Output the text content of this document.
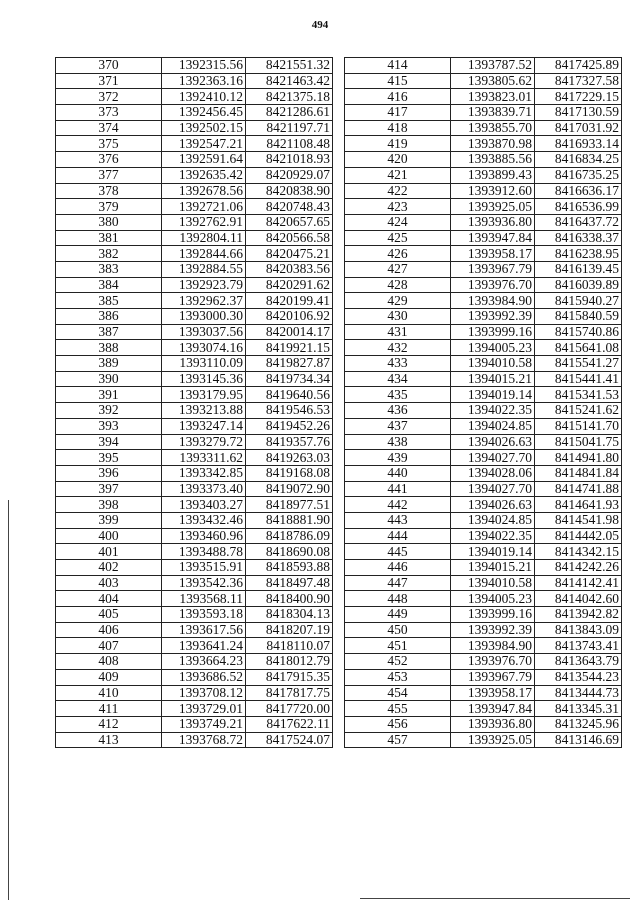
494
370	1392315.56	8421551.32
371	1392363.16	8421463.42
372	1392410.12	8421375.18
373	1392456.45	8421286.61
374	1392502.15	8421197.71
375	1392547.21	8421108.48
376	1392591.64	8421018.93
377	1392635.42	8420929.07
378	1392678.56	8420838.90
379	1392721.06	8420748.43
380	1392762.91	8420657.65
381	1392804.11	8420566.58
382	1392844.66	8420475.21
383	1392884.55	8420383.56
384	1392923.79	8420291.62
385	1392962.37	8420199.41
386	1393000.30	8420106.92
387	1393037.56	8420014.17
388	1393074.16	8419921.15
389	1393110.09	8419827.87
390	1393145.36	8419734.34
391	1393179.95	8419640.56
392	1393213.88	8419546.53
393	1393247.14	8419452.26
394	1393279.72	8419357.76
395	1393311.62	8419263.03
396	1393342.85	8419168.08
397	1393373.40	8419072.90
398	1393403.27	8418977.51
399	1393432.46	8418881.90
400	1393460.96	8418786.09
401	1393488.78	8418690.08
402	1393515.91	8418593.88
403	1393542.36	8418497.48
404	1393568.11	8418400.90
405	1393593.18	8418304.13
406	1393617.56	8418207.19
407	1393641.24	8418110.07
408	1393664.23	8418012.79
409	1393686.52	8417915.35
410	1393708.12	8417817.75
411	1393729.01	8417720.00
412	1393749.21	8417622.11
413	1393768.72	8417524.07
414	1393787.52	8417425.89
415	1393805.62	8417327.58
416	1393823.01	8417229.15
417	1393839.71	8417130.59
418	1393855.70	8417031.92
419	1393870.98	8416933.14
420	1393885.56	8416834.25
421	1393899.43	8416735.25
422	1393912.60	8416636.17
423	1393925.05	8416536.99
424	1393936.80	8416437.72
425	1393947.84	8416338.37
426	1393958.17	8416238.95
427	1393967.79	8416139.45
428	1393976.70	8416039.89
429	1393984.90	8415940.27
430	1393992.39	8415840.59
431	1393999.16	8415740.86
432	1394005.23	8415641.08
433	1394010.58	8415541.27
434	1394015.21	8415441.41
435	1394019.14	8415341.53
436	1394022.35	8415241.62
437	1394024.85	8415141.70
438	1394026.63	8415041.75
439	1394027.70	8414941.80
440	1394028.06	8414841.84
441	1394027.70	8414741.88
442	1394026.63	8414641.93
443	1394024.85	8414541.98
444	1394022.35	8414442.05
445	1394019.14	8414342.15
446	1394015.21	8414242.26
447	1394010.58	8414142.41
448	1394005.23	8414042.60
449	1393999.16	8413942.82
450	1393992.39	8413843.09
451	1393984.90	8413743.41
452	1393976.70	8413643.79
453	1393967.79	8413544.23
454	1393958.17	8413444.73
455	1393947.84	8413345.31
456	1393936.80	8413245.96
457	1393925.05	8413146.69
